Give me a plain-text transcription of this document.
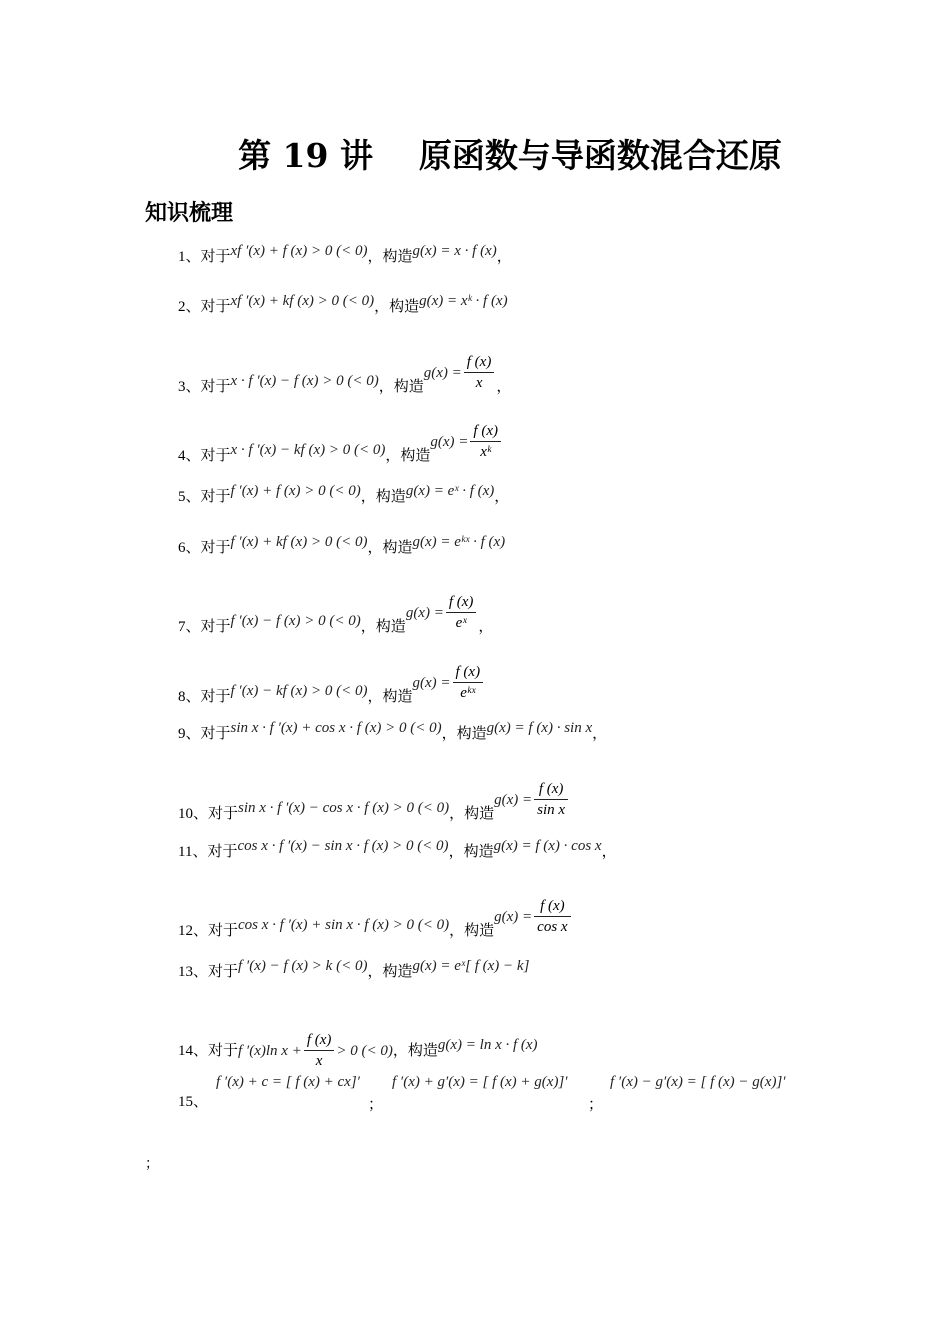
第 19 讲    原函数与导函数混合还原
知识梳理
1、对于xf ′(x) + f (x) > 0 (< 0)，构造g(x) = x · f (x)，
2、对于xf ′(x) + kf (x) > 0 (< 0)，构造g(x) = xᵏ · f (x)
3、对于x · f ′(x) − f (x) > 0 (< 0)，构造$g(x) = \frac{f (x)}{x}$ ，
4、对于x · f ′(x) − kf (x) > 0 (< 0)，构造$g(x) = \frac{f (x)}{\text{xᵏ}}$
5、对于f ′(x) + f (x) > 0 (< 0)，构造g(x) = eˣ · f (x)，
6、对于f ′(x) + kf (x) > 0 (< 0)，构造g(x) = eᵏˣ · f (x)
7、对于f ′(x) − f (x) > 0 (< 0)，构造$g(x) = \frac{f (x)}{\text{eˣ}}$ ，
8、对于f ′(x) − kf (x) > 0 (< 0)，构造$g(x) = \frac{f (x)}{\text{eᵏˣ}}$
9、对于sin x · f ′(x) + cos x · f (x) > 0 (< 0)，构造g(x) = f (x) · sin x，
10、对于sin x · f ′(x) − cos x · f (x) > 0 (< 0)，构造$g(x) = \frac{f (x)}{\text{sin x}}$
11、对于cos x · f ′(x) − sin x · f (x) > 0 (< 0)，构造g(x) = f (x) · cos x，
12、对于cos x · f ′(x) + sin x · f (x) > 0 (< 0)，构造$g(x) = \frac{f (x)}{\text{cos x}}$
13、对于f ′(x) − f (x) > k (< 0)，构造g(x) = eˣ[ f (x) − k]
14、对于f ′(x)ln $x + \frac{f (x)}{x} > 0$ (< 0)，构造g(x) = ln x · f (x)
15、
f ′(x) + c = [ f (x) + cx]′
；
f ′(x) + g′(x) = [ f (x) + g(x)]′
；
f ′(x) − g′(x) = [ f (x) − g(x)]′
；
